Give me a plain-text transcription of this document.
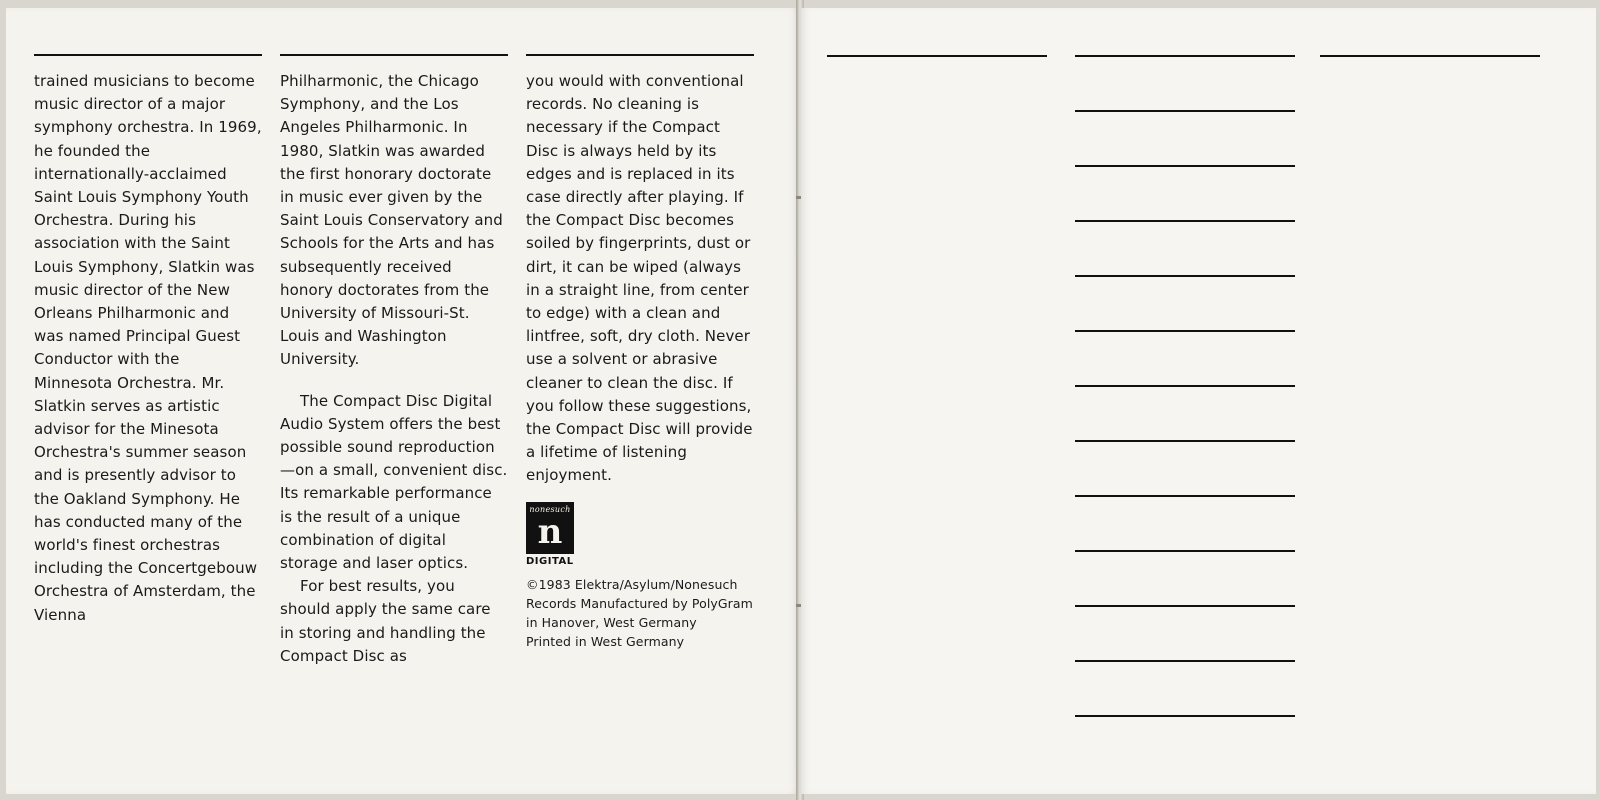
trained musicians to become music director of a major symphony orchestra. In 1969, he founded the internationally-acclaimed Saint Louis Symphony Youth Orchestra. During his association with the Saint Louis Symphony, Slatkin was music director of the New Orleans Philharmonic and was named Principal Guest Conductor with the Minnesota Orchestra. Mr. Slatkin serves as artistic advisor for the Minesota Orchestra's summer season and is presently advisor to the Oakland Symphony. He has conducted many of the world's finest orchestras including the Concertgebouw Orchestra of Amsterdam, the Vienna

Philharmonic, the Chicago Symphony, and the Los Angeles Philharmonic. In 1980, Slatkin was awarded the first honorary doctorate in music ever given by the Saint Louis Conservatory and Schools for the Arts and has subsequently received honory doctorates from the University of Missouri-St. Louis and Washington University.

The Compact Disc Digital Audio System offers the best possible sound reproduction—on a small, convenient disc. Its remarkable performance is the result of a unique combination of digital storage and laser optics.

For best results, you should apply the same care in storing and handling the Compact Disc as

you would with conventional records. No cleaning is necessary if the Compact Disc is always held by its edges and is replaced in its case directly after playing. If the Compact Disc becomes soiled by fingerprints, dust or dirt, it can be wiped (always in a straight line, from center to edge) with a clean and lintfree, soft, dry cloth. Never use a solvent or abrasive cleaner to clean the disc. If you follow these suggestions, the Compact Disc will provide a lifetime of listening enjoyment.

nonesuch
n
DIGITAL

©1983 Elektra/Asylum/Nonesuch Records Manufactured by PolyGram in Hanover, West Germany

Printed in West Germany
